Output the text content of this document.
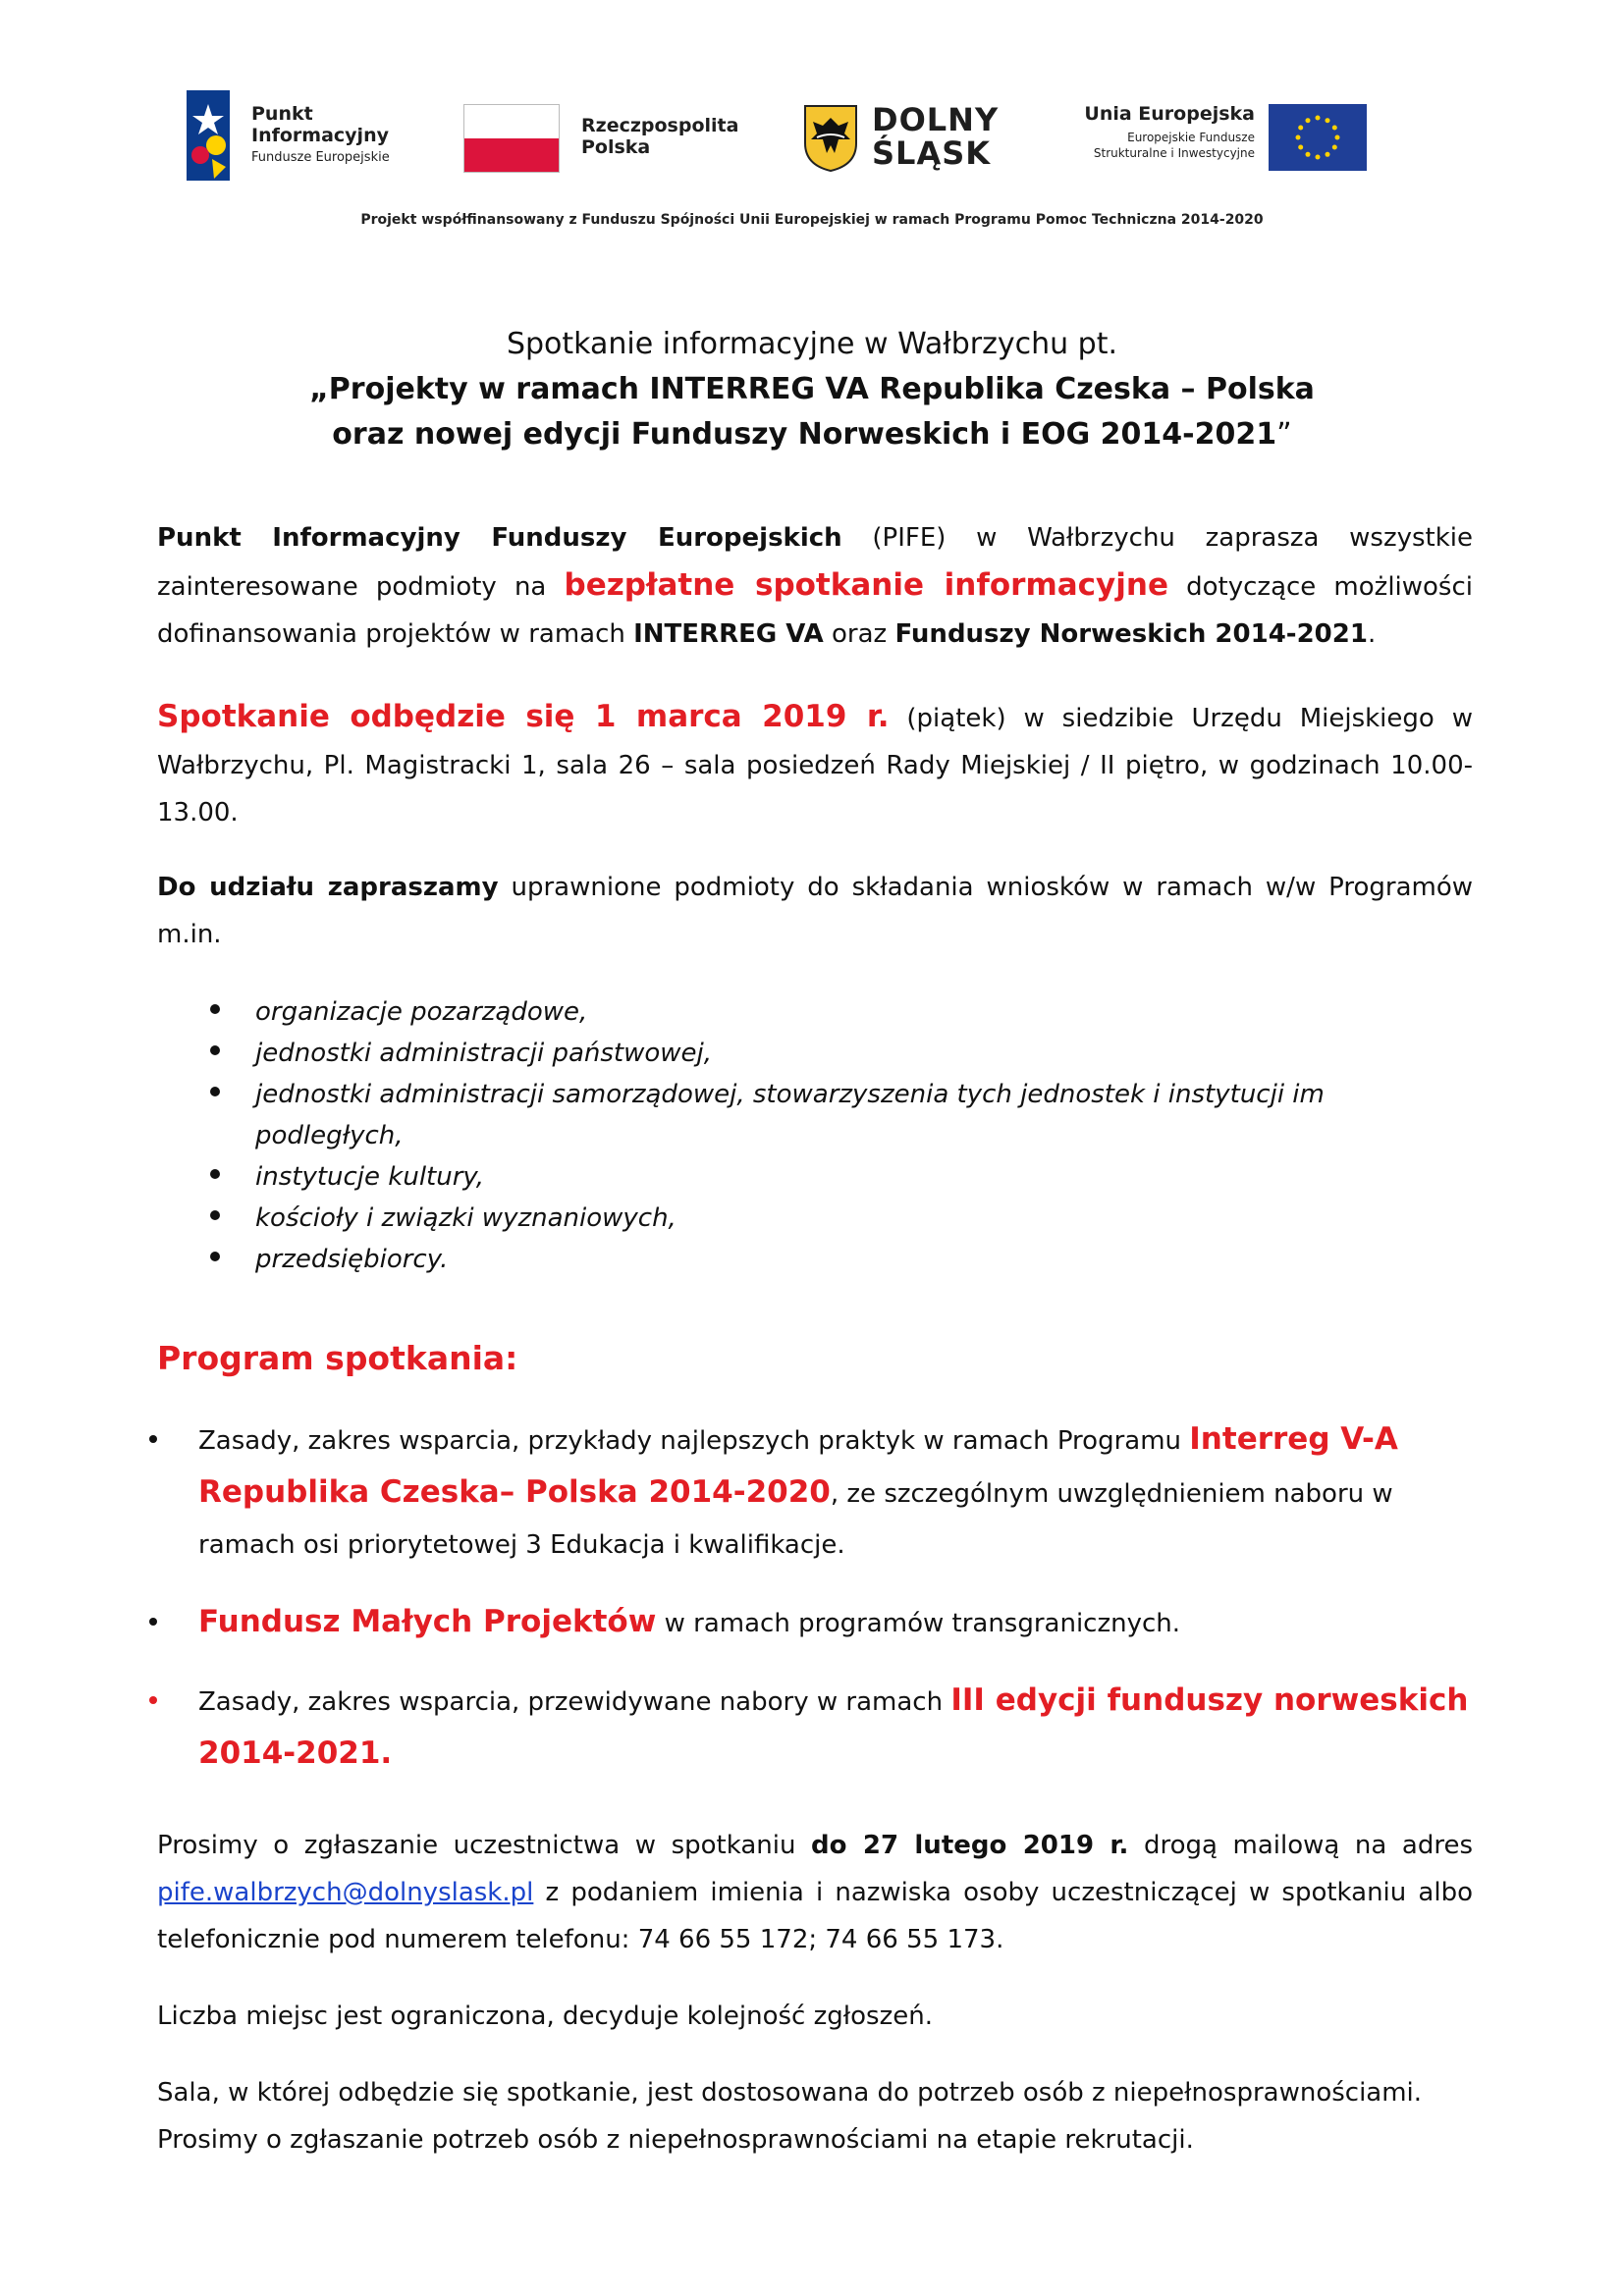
Punkt
Informacyjny
Fundusze Europejskie
Rzeczpospolita
Polska
DOLNY
ŚLĄSK
Unia Europejska
Europejskie Fundusze
Strukturalne i Inwestycyjne
Projekt współfinansowany z Funduszu Spójności Unii Europejskiej w ramach Programu Pomoc Techniczna 2014-2020
Spotkanie informacyjne w Wałbrzychu pt.
„Projekty w ramach INTERREG VA Republika Czeska – Polska
oraz nowej edycji Funduszy Norweskich i EOG 2014-2021”

Punkt Informacyjny Funduszy Europejskich (PIFE) w Wałbrzychu zaprasza wszystkie zainteresowane podmioty na bezpłatne spotkanie informacyjne dotyczące możliwości dofinansowania projektów w ramach INTERREG VA oraz Funduszy Norweskich 2014-2021.

Spotkanie odbędzie się 1 marca 2019 r. (piątek) w siedzibie Urzędu Miejskiego w Wałbrzychu, Pl. Magistracki 1, sala 26 – sala posiedzeń Rady Miejskiej / II piętro, w godzinach 10.00-13.00.

Do udziału zapraszamy uprawnione podmioty do składania wniosków w ramach w/w Programów m.in.

organizacje pozarządowe,
jednostki administracji państwowej,
jednostki administracji samorządowej, stowarzyszenia tych jednostek i instytucji im podległych,
instytucje kultury,
kościoły i związki wyznaniowych,
przedsiębiorcy.
Program spotkania:
Zasady, zakres wsparcia, przykłady najlepszych praktyk w ramach Programu Interreg V-A Republika Czeska– Polska 2014-2020, ze szczególnym uwzględnieniem naboru w ramach osi priorytetowej 3 Edukacja i kwalifikacje.
Fundusz Małych Projektów w ramach programów transgranicznych.
Zasady, zakres wsparcia, przewidywane nabory w ramach III edycji funduszy norweskich 2014-2021.

Prosimy o zgłaszanie uczestnictwa w spotkaniu do 27 lutego 2019 r. drogą mailową na adres pife.walbrzych@dolnyslask.pl z podaniem imienia i nazwiska osoby uczestniczącej w spotkaniu albo telefonicznie pod numerem telefonu: 74 66 55 172; 74 66 55 173.

Liczba miejsc jest ograniczona, decyduje kolejność zgłoszeń.

Sala, w której odbędzie się spotkanie, jest dostosowana do potrzeb osób z niepełnosprawnościami.

Prosimy o zgłaszanie potrzeb osób z niepełnosprawnościami na etapie rekrutacji.
